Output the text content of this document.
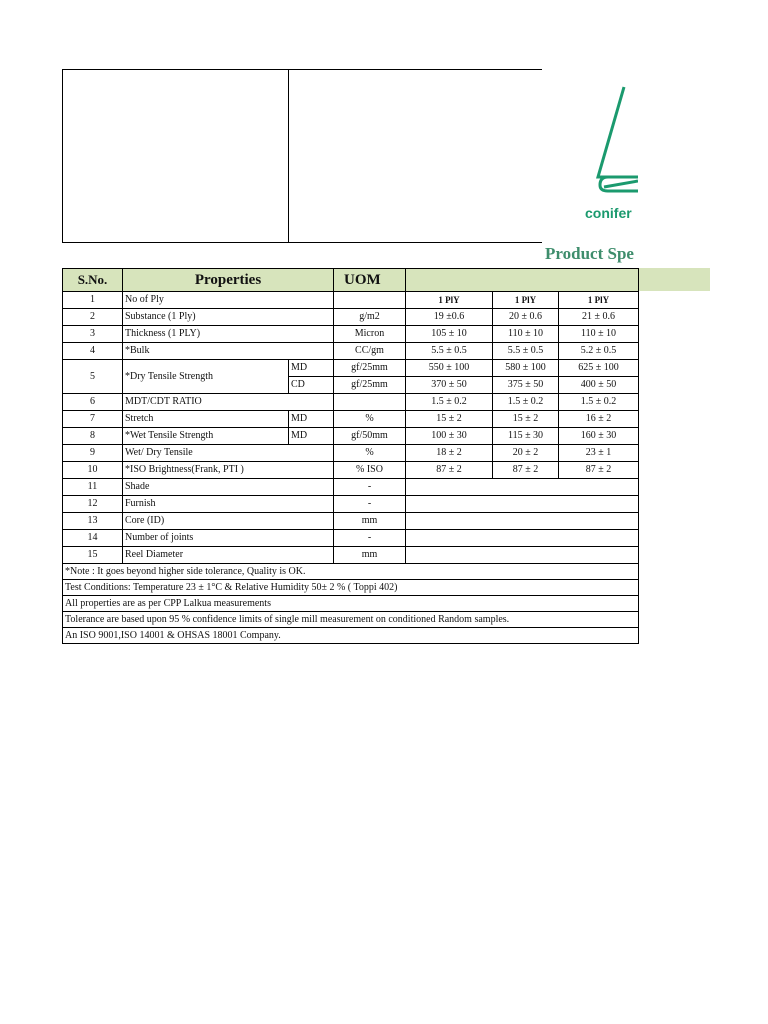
conifer
Product Spe
S.No.	Properties		UOM			
1	No of Ply			1 PlY	1 PlY	1 PlY
2	Substance (1 Ply)		g/m2	19 ±0.6	20 ± 0.6	21 ± 0.6
3	Thickness (1 PLY)		Micron	105 ± 10	110 ± 10	110 ± 10
4	*Bulk		CC/gm	5.5 ± 0.5	5.5 ± 0.5	5.2 ± 0.5
5	*Dry Tensile Strength	MD	gf/25mm	550 ± 100	580 ± 100	625 ± 100
		CD	gf/25mm	370 ± 50	375 ± 50	400 ± 50
6	MDT/CDT RATIO			1.5 ± 0.2	1.5 ± 0.2	1.5 ± 0.2
7	Stretch	MD	%	15 ± 2	15 ± 2	16 ± 2
8	*Wet Tensile Strength	MD	gf/50mm	100 ± 30	115 ± 30	160 ± 30
9	Wet/ Dry Tensile		%	18 ± 2	20 ± 2	23 ± 1
10	*ISO Brightness(Frank, PTI )		% ISO	87 ± 2	87 ± 2	87 ± 2
11	Shade		-			
12	Furnish		-			
13	Core (ID)		mm			
14	Number of joints		-			
15	Reel Diameter		mm			
*Note : It goes beyond higher side tolerance, Quality is OK.						
Test Conditions: Temperature 23 ± 1°C & Relative Humidity 50± 2 % ( Toppi 402)						
All properties are as per CPP Lalkua measurements						
Tolerance are based upon 95 % confidence limits of single mill measurement on conditioned Random samples.						
An ISO 9001,ISO 14001 & OHSAS 18001 Company.						
